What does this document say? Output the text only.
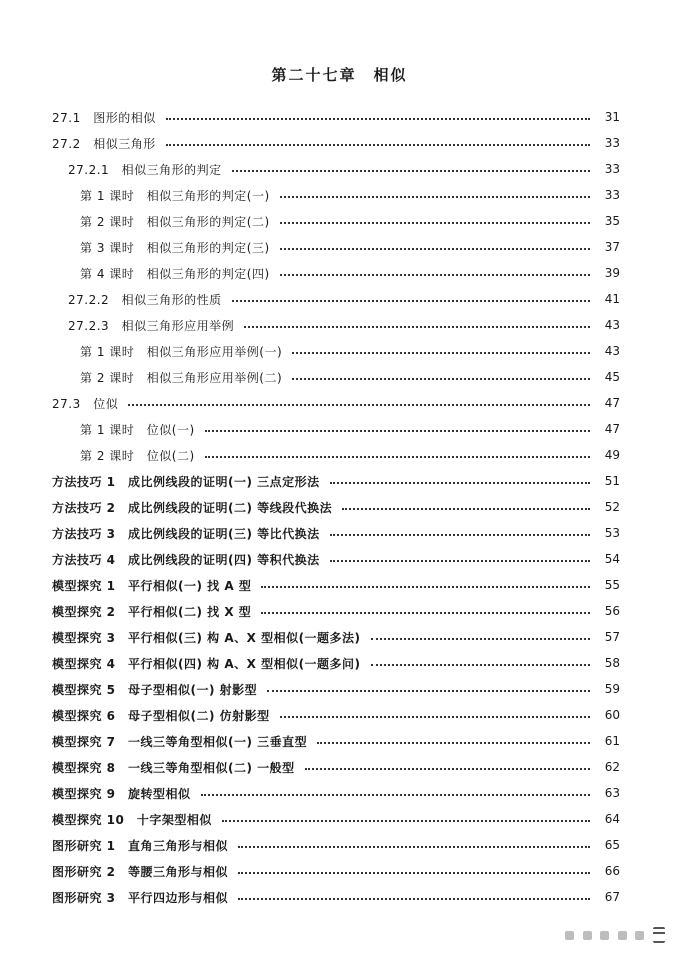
第二十七章　相似
27.1　图形的相似	31
27.2　相似三角形	33
27.2.1　相似三角形的判定	33
第 1 课时　相似三角形的判定(一)	33
第 2 课时　相似三角形的判定(二)	35
第 3 课时　相似三角形的判定(三)	37
第 4 课时　相似三角形的判定(四)	39
27.2.2　相似三角形的性质	41
27.2.3　相似三角形应用举例	43
第 1 课时　相似三角形应用举例(一)	43
第 2 课时　相似三角形应用举例(二)	45
27.3　位似	47
第 1 课时　位似(一)	47
第 2 课时　位似(二)	49
方法技巧 1　成比例线段的证明(一) 三点定形法	51
方法技巧 2　成比例线段的证明(二) 等线段代换法	52
方法技巧 3　成比例线段的证明(三) 等比代换法	53
方法技巧 4　成比例线段的证明(四) 等积代换法	54
模型探究 1　平行相似(一) 找 A 型	55
模型探究 2　平行相似(二) 找 X 型	56
模型探究 3　平行相似(三) 构 A、X 型相似(一题多法)	57
模型探究 4　平行相似(四) 构 A、X 型相似(一题多问)	58
模型探究 5　母子型相似(一) 射影型	59
模型探究 6　母子型相似(二) 仿射影型	60
模型探究 7　一线三等角型相似(一) 三垂直型	61
模型探究 8　一线三等角型相似(二) 一般型	62
模型探究 9　旋转型相似	63
模型探究 10　十字架型相似	64
图形研究 1　直角三角形与相似	65
图形研究 2　等腰三角形与相似	66
图形研究 3　平行四边形与相似	67
